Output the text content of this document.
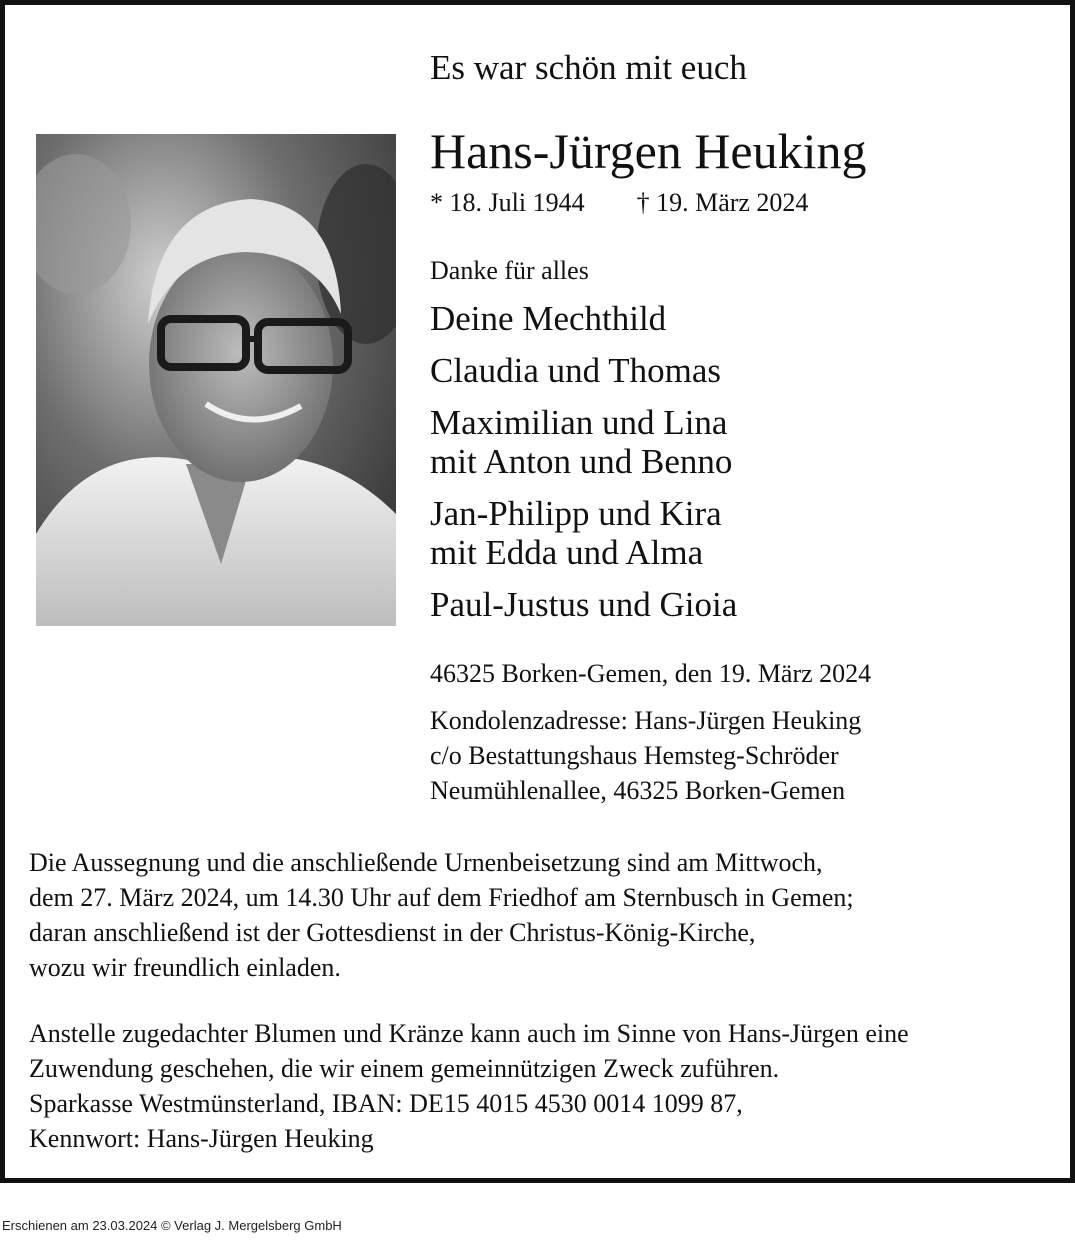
Es war schön mit euch
Hans-Jürgen Heuking
* 18. Juli 1944 † 19. März 2024
Danke für alles
Deine Mechthild
Claudia und Thomas
Maximilian und Lina
mit Anton und Benno
Jan-Philipp und Kira
mit Edda und Alma
Paul-Justus und Gioia
46325 Borken-Gemen, den 19. März 2024
Kondolenzadresse: Hans-Jürgen Heuking
c/o Bestattungshaus Hemsteg-Schröder
Neumühlenallee, 46325 Borken-Gemen
Die Aussegnung und die anschließende Urnenbeisetzung sind am Mittwoch,
dem 27. März 2024, um 14.30 Uhr auf dem Friedhof am Sternbusch in Gemen;
daran anschließend ist der Gottesdienst in der Christus-König-Kirche,
wozu wir freundlich einladen.
Anstelle zugedachter Blumen und Kränze kann auch im Sinne von Hans-Jürgen eine
Zuwendung geschehen, die wir einem gemeinnützigen Zweck zuführen.
Sparkasse Westmünsterland, IBAN: DE15 4015 4530 0014 1099 87,
Kennwort: Hans-Jürgen Heuking
Erschienen am 23.03.2024 © Verlag J. Mergelsberg GmbH
